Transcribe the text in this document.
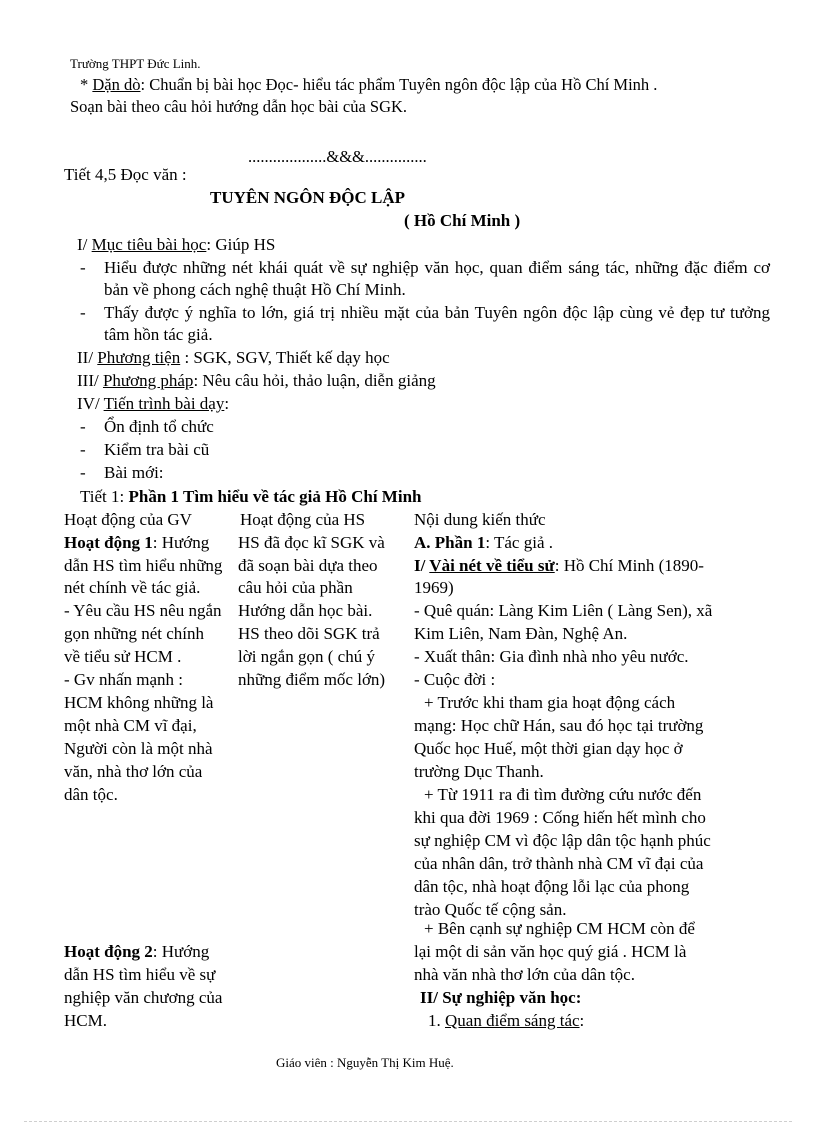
Trường THPT Đức Linh.
* Dặn dò: Chuẩn bị bài học Đọc- hiểu tác phẩm Tuyên ngôn độc lập của Hồ Chí Minh .
Soạn bài theo câu hỏi hướng dẫn học bài của SGK.
...................&&&...............
Tiết 4,5 Đọc văn :
TUYÊN NGÔN ĐỘC LẬP
( Hồ Chí Minh )
I/ Mục tiêu bài học: Giúp HS
- Hiểu được những nét khái quát về sự nghiệp văn học, quan điểm sáng tác, những đặc điểm cơ bản về phong cách nghệ thuật Hồ Chí Minh.
- Thấy được ý nghĩa to lớn, giá trị nhiều mặt của bản Tuyên ngôn độc lập cùng vẻ đẹp tư tưởng tâm hồn tác giả.
II/ Phương tiện : SGK, SGV, Thiết kế dạy học
III/ Phương pháp: Nêu câu hỏi, thảo luận, diễn giảng
IV/ Tiến trình bài dạy:
- Ổn định tổ chức
- Kiểm tra bài cũ
- Bài mới:
Tiết 1: Phần 1 Tìm hiểu về tác giả Hồ Chí Minh
Hoạt động của GV	Hoạt động của HS	Nội dung kiến thức
Hoạt động 1: Hướng
dẫn HS tìm hiểu những
nét chính về tác giả.
- Yêu cầu HS nêu ngắn
gọn những nét chính
về tiểu sử HCM .
- Gv nhấn mạnh :
HCM không những là
một nhà CM vĩ đại,
Người còn là một nhà
văn, nhà thơ lớn của
dân tộc.
Hoạt động 2: Hướng
dẫn HS tìm hiểu về sự
nghiệp văn chương của
HCM.
HS đã đọc kĩ SGK và
đã soạn bài dựa theo
câu hỏi của phần
Hướng dẫn học bài.
HS theo dõi SGK trả
lời ngắn gọn ( chú ý
những điểm mốc lớn)
A. Phần 1: Tác giả .
I/ Vài nét về tiểu sử: Hồ Chí Minh (1890-
1969)
- Quê quán: Làng Kim Liên ( Làng Sen), xã
Kim Liên, Nam Đàn, Nghệ An.
- Xuất thân: Gia đình nhà nho yêu nước.
- Cuộc đời :
+ Trước khi tham gia hoạt động cách
mạng: Học chữ Hán, sau đó học tại trường
Quốc học Huế, một thời gian dạy học ở
trường Dục Thanh.
+ Từ 1911 ra đi tìm đường cứu nước đến
khi qua đời 1969 : Cống hiến hết mình cho
sự nghiệp CM vì độc lập dân tộc hạnh phúc
của nhân dân, trở thành nhà CM vĩ đại của
dân tộc, nhà hoạt động lỗi lạc của phong
trào Quốc tế cộng sản.
+ Bên cạnh sự nghiệp CM HCM còn để
lại một di sản văn học quý giá . HCM là
nhà văn nhà thơ lớn của dân tộc.
II/ Sự nghiệp văn học:
1. Quan điểm sáng tác:
Giáo viên : Nguyễn Thị Kim Huệ.
